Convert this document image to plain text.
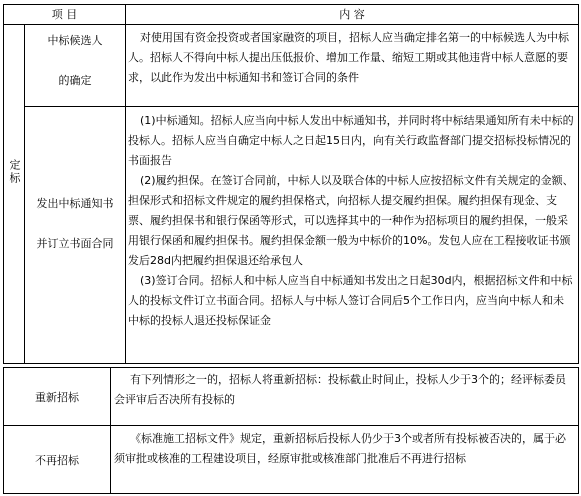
项 目	内 容
定标
中标候选人
的确定
对使用国有资金投资或者国家融资的项目，招标人应当确定排名第一的中标候选人为中标人。招标人不得向中标人提出压低报价、增加工作量、缩短工期或其他违背中标人意愿的要求，以此作为发出中标通知书和签订合同的条件
发出中标通知书
并订立书面合同
(1)中标通知。招标人应当向中标人发出中标通知书，并同时将中标结果通知所有未中标的投标人。招标人应当自确定中标人之日起15日内，向有关行政监督部门提交招标投标情况的书面报告
(2)履约担保。在签订合同前，中标人以及联合体的中标人应按招标文件有关规定的金额、担保形式和招标文件规定的履约担保格式，向招标人提交履约担保。履约担保有现金、支票、履约担保书和银行保函等形式，可以选择其中的一种作为招标项目的履约担保，一般采用银行保函和履约担保书。履约担保金额一般为中标价的10%。发包人应在工程接收证书颁发后28d内把履约担保退还给承包人
(3)签订合同。招标人和中标人应当自中标通知书发出之日起30d内，根据招标文件和中标人的投标文件订立书面合同。招标人与中标人签订合同后5个工作日内，应当向中标人和未中标的投标人退还投标保证金
重新招标
有下列情形之一的，招标人将重新招标：投标截止时间止，投标人少于3个的；经评标委员会评审后否决所有投标的
不再招标
《标准施工招标文件》规定，重新招标后投标人仍少于3个或者所有投标被否决的，属于必须审批或核准的工程建设项目，经原审批或核准部门批准后不再进行招标
